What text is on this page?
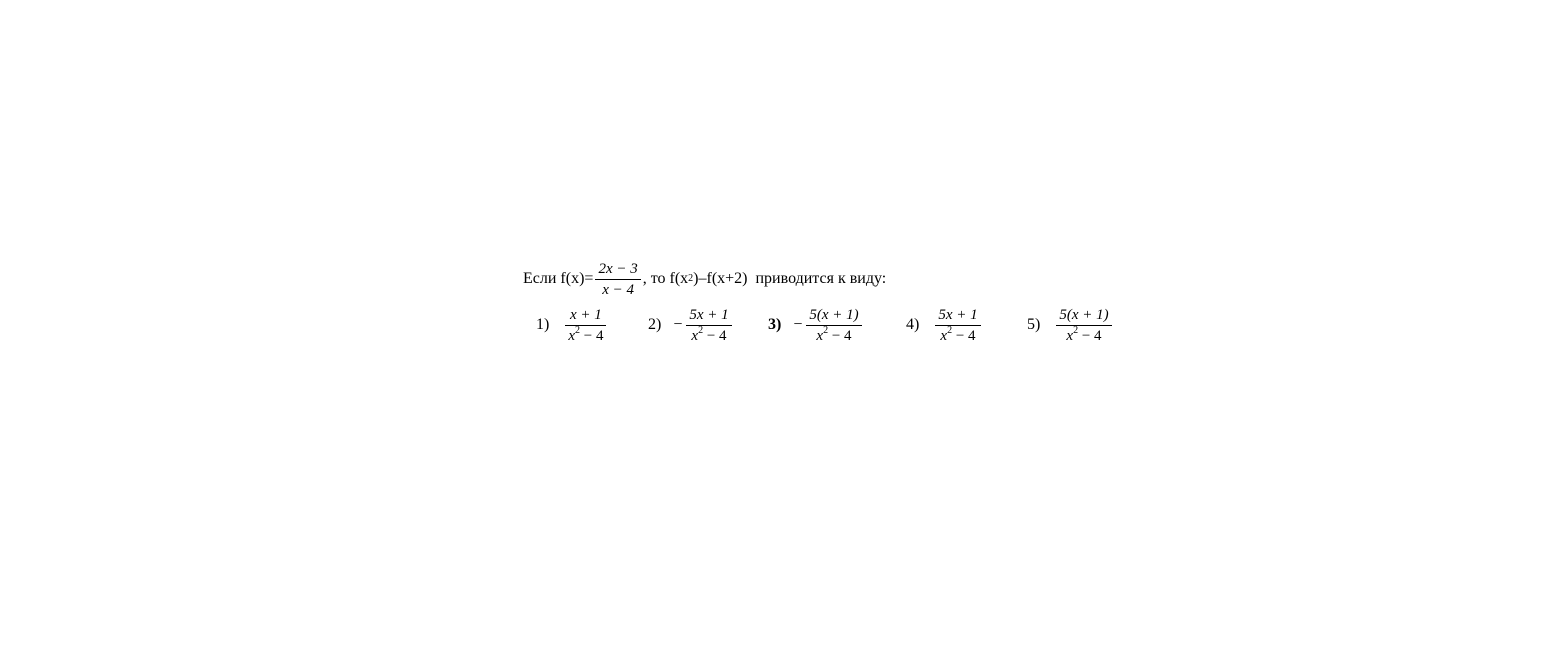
Если $f(x)= \frac{2x - 3}{x - 4}$ , то f(x 2 )–f(x+2)  приводится к виду:
$1) \frac{x + 1}{x^2 - 4}$	$2) - \frac{5x + 1}{x^2 - 4} 3) - \frac{5(x + 1)}{x^2 - 4}$	$4) \frac{5x + 1}{x^2 - 4}$	$5) \frac{5(x + 1)}{x^2 - 4}$
